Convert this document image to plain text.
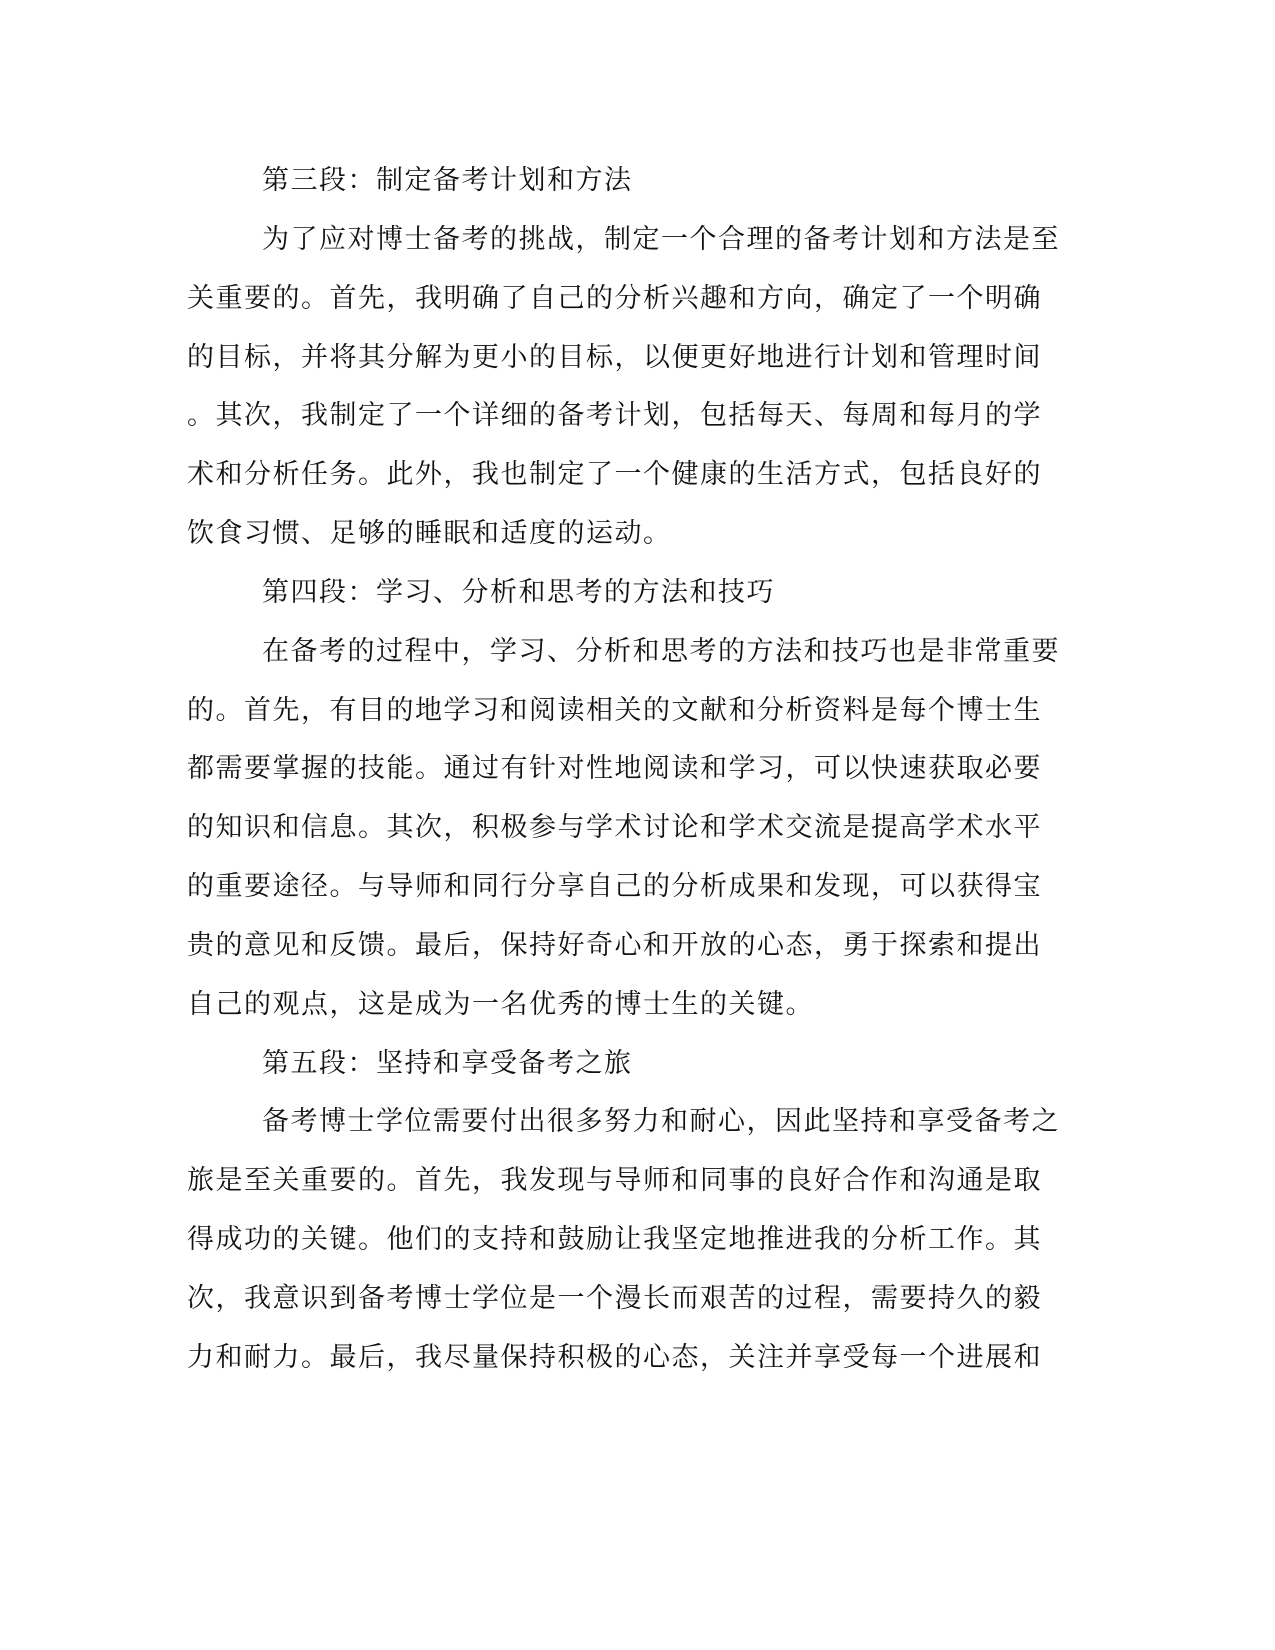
第三段：制定备考计划和方法
为了应对博士备考的挑战，制定一个合理的备考计划和方法是至
关重要的。首先，我明确了自己的分析兴趣和方向，确定了一个明确
的目标，并将其分解为更小的目标，以便更好地进行计划和管理时间
。其次，我制定了一个详细的备考计划，包括每天、每周和每月的学
术和分析任务。此外，我也制定了一个健康的生活方式，包括良好的
饮食习惯、足够的睡眠和适度的运动。
第四段：学习、分析和思考的方法和技巧
在备考的过程中，学习、分析和思考的方法和技巧也是非常重要
的。首先，有目的地学习和阅读相关的文献和分析资料是每个博士生
都需要掌握的技能。通过有针对性地阅读和学习，可以快速获取必要
的知识和信息。其次，积极参与学术讨论和学术交流是提高学术水平
的重要途径。与导师和同行分享自己的分析成果和发现，可以获得宝
贵的意见和反馈。最后，保持好奇心和开放的心态，勇于探索和提出
自己的观点，这是成为一名优秀的博士生的关键。
第五段：坚持和享受备考之旅
备考博士学位需要付出很多努力和耐心，因此坚持和享受备考之
旅是至关重要的。首先，我发现与导师和同事的良好合作和沟通是取
得成功的关键。他们的支持和鼓励让我坚定地推进我的分析工作。其
次，我意识到备考博士学位是一个漫长而艰苦的过程，需要持久的毅
力和耐力。最后，我尽量保持积极的心态，关注并享受每一个进展和
